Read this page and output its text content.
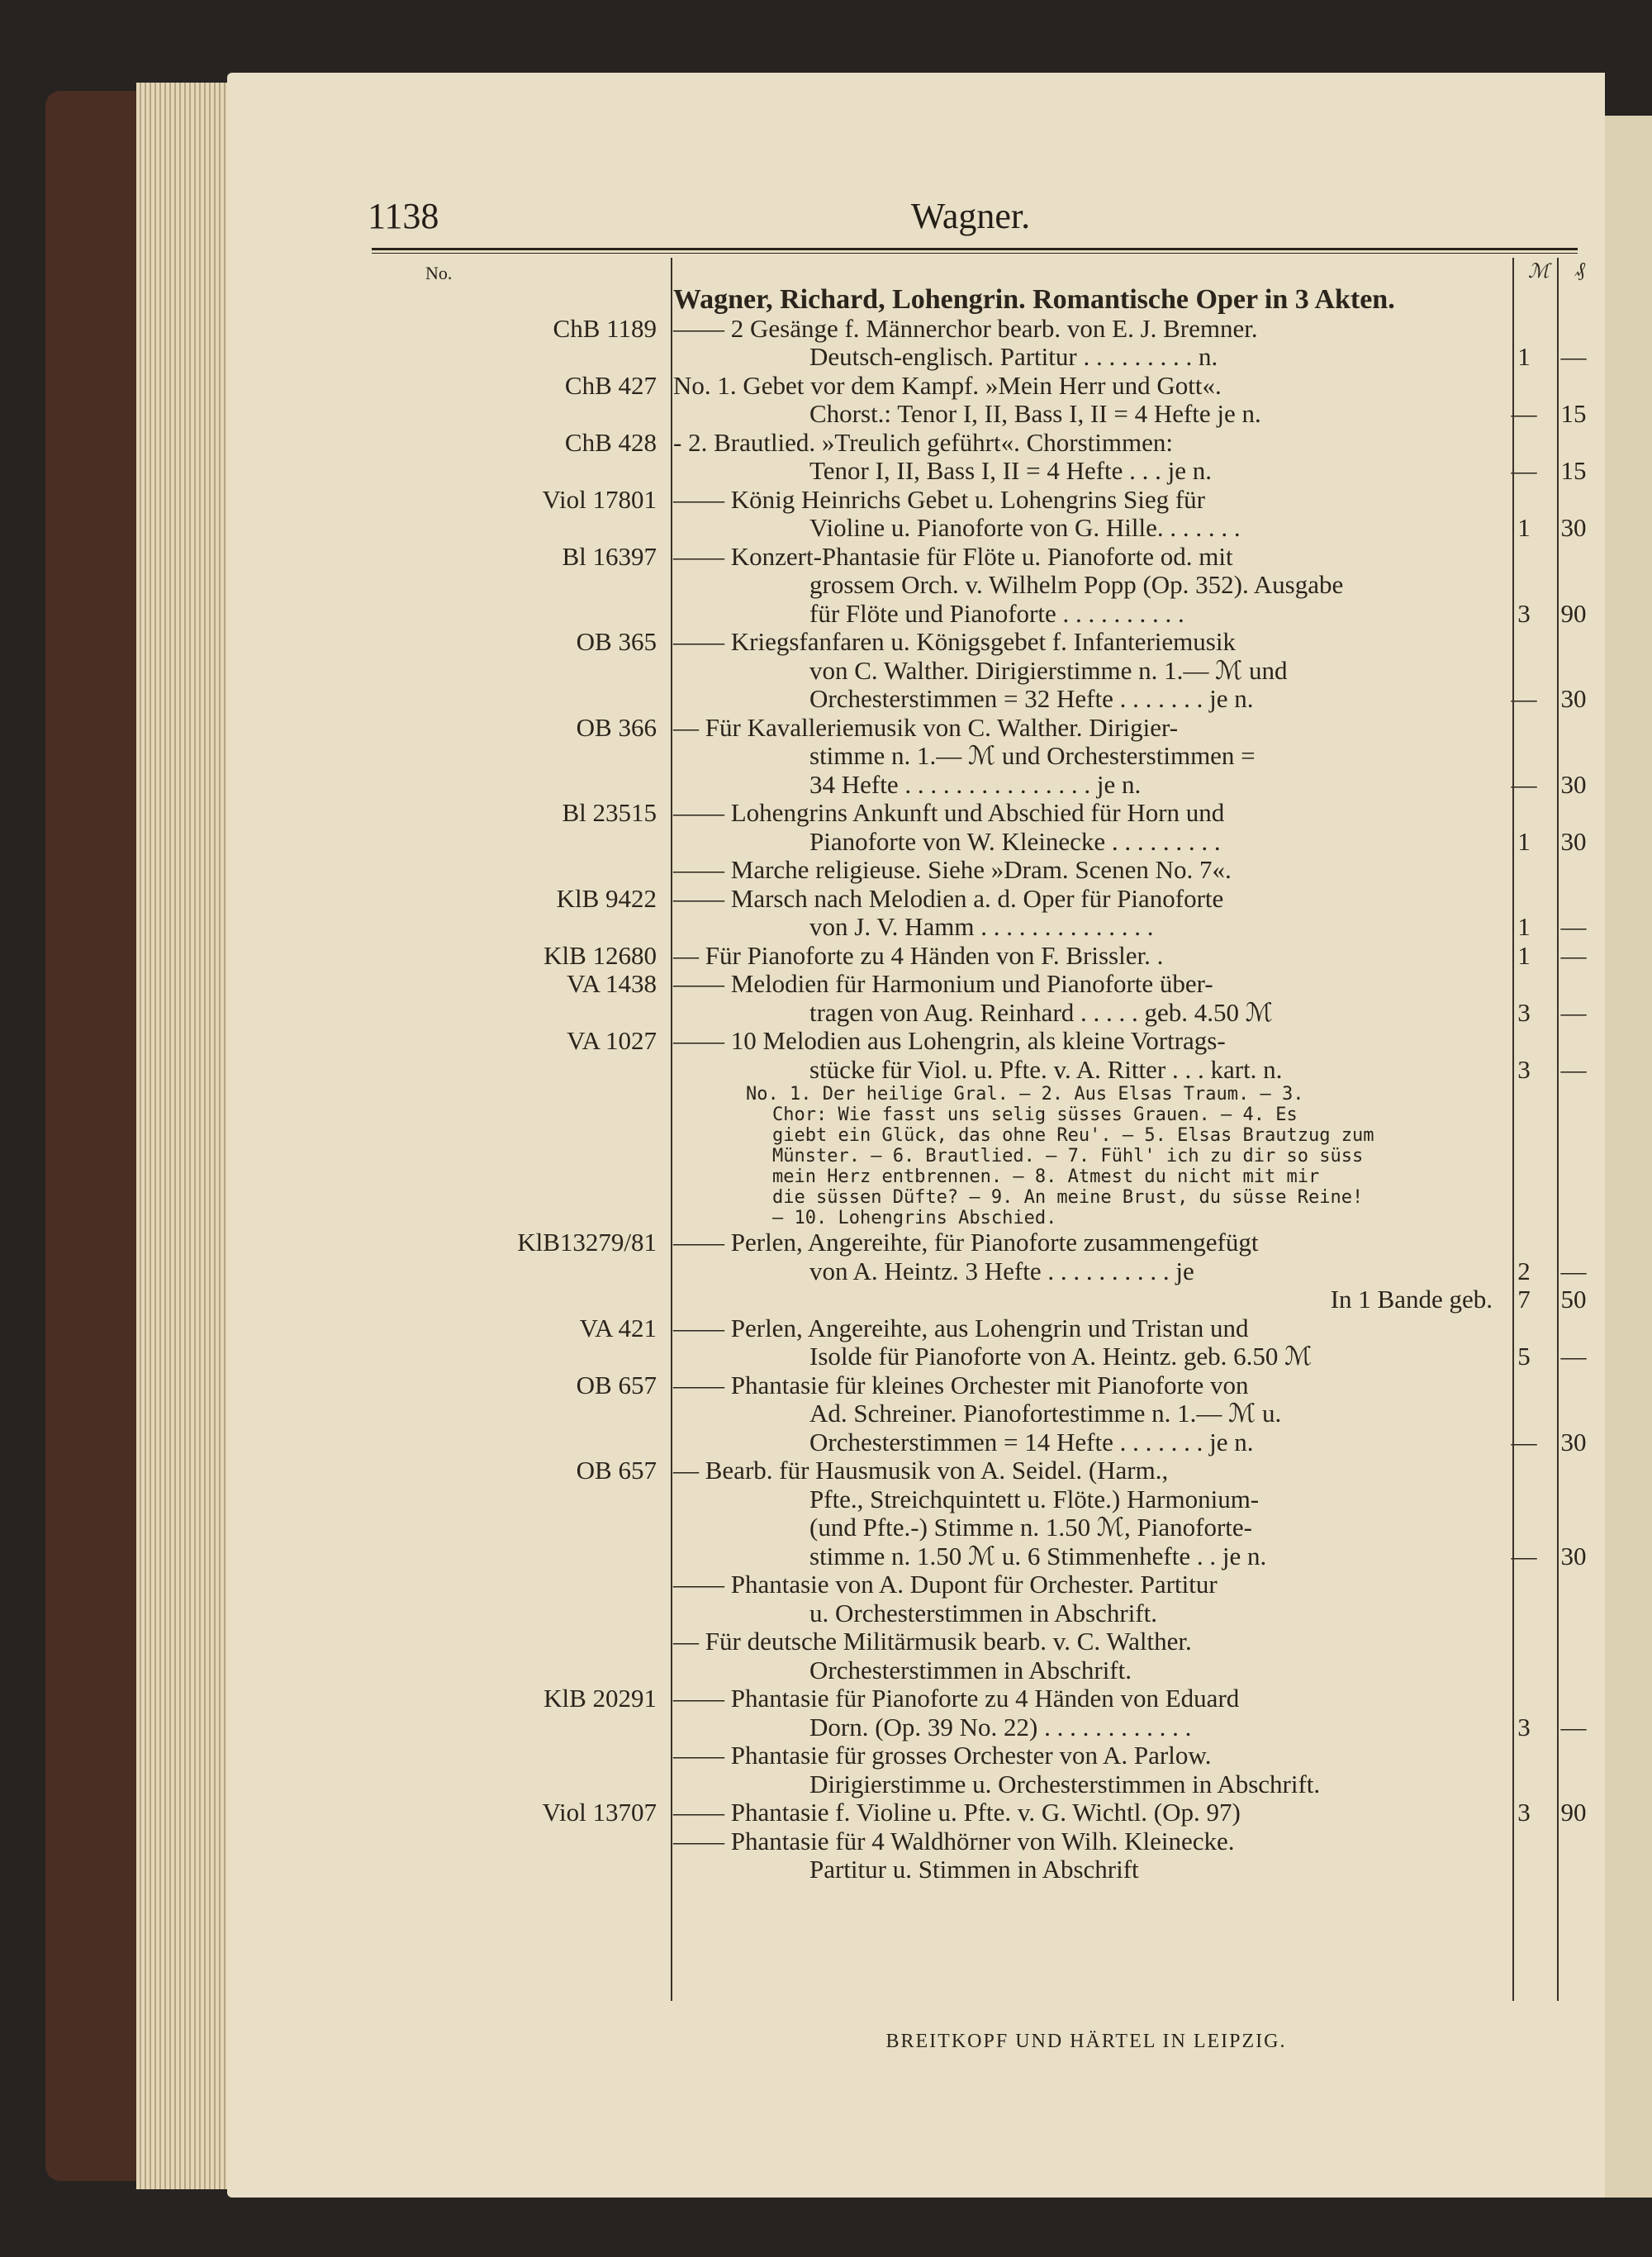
1138	Wagner.
No.	ℳ ₰
Wagner, Richard, Lohengrin. Romantische Oper in 3 Akten.
ChB 1189 —— 2 Gesänge f. Männerchor bearb. von E. J. Bremner.
Deutsch-englisch. Partitur . . . . . . . . . n.	1	—
ChB 427 No. 1. Gebet vor dem Kampf. »Mein Herr und Gott«.
Chorst.: Tenor I, II, Bass I, II = 4 Hefte je n.	— 15
ChB 428 - 2. Brautlied. »Treulich geführt«. Chorstimmen:
Tenor I, II, Bass I, II = 4 Hefte . . . je n.	— 15
Viol 17801 —— König Heinrichs Gebet u. Lohengrins Sieg für
Violine u. Pianoforte von G. Hille. . . . . . .	1	30
Bl 16397 —— Konzert-Phantasie für Flöte u. Pianoforte od. mit
grossem Orch. v. Wilhelm Popp (Op. 352). Ausgabe
für Flöte und Pianoforte . . . . . . . . . .	3	90
OB 365 —— Kriegsfanfaren u. Königsgebet f. Infanteriemusik
von C. Walther. Dirigierstimme n. 1.— ℳ und
Orchesterstimmen = 32 Hefte . . . . . . . je n.	— 30
OB 366 — Für Kavalleriemusik von C. Walther. Dirigier-
stimme n. 1.— ℳ und Orchesterstimmen =
34 Hefte . . . . . . . . . . . . . . . je n.	— 30
Bl 23515 —— Lohengrins Ankunft und Abschied für Horn und
Pianoforte von W. Kleinecke . . . . . . . . .	1	30
—— Marche religieuse. Siehe »Dram. Scenen No. 7«.
KlB 9422 —— Marsch nach Melodien a. d. Oper für Pianoforte
von J. V. Hamm . . . . . . . . . . . . . .	1	—
KlB 12680 — Für Pianoforte zu 4 Händen von F. Brissler. .	1	—
VA 1438 —— Melodien für Harmonium und Pianoforte über-
tragen von Aug. Reinhard . . . . . geb. 4.50 ℳ	3	—
VA 1027 —— 10 Melodien aus Lohengrin, als kleine Vortrags-
stücke für Viol. u. Pfte. v. A. Ritter . . . kart. n.	3	—
No. 1. Der heilige Gral. — 2. Aus Elsas Traum. — 3.
Chor: Wie fasst uns selig süsses Grauen. — 4. Es
giebt ein Glück, das ohne Reu'. — 5. Elsas Brautzug zum
Münster. — 6. Brautlied. — 7. Fühl' ich zu dir so süss
mein Herz entbrennen. — 8. Atmest du nicht mit mir
die süssen Düfte? — 9. An meine Brust, du süsse Reine!
— 10. Lohengrins Abschied.
KlB13279/81 —— Perlen, Angereihte, für Pianoforte zusammengefügt
von A. Heintz. 3 Hefte . . . . . . . . . . je	2	—
In 1 Bande geb. 7	50
VA 421 —— Perlen, Angereihte, aus Lohengrin und Tristan und
Isolde für Pianoforte von A. Heintz. geb. 6.50 ℳ	5	—
OB 657 —— Phantasie für kleines Orchester mit Pianoforte von
Ad. Schreiner. Pianofortestimme n. 1.— ℳ u.
Orchesterstimmen = 14 Hefte . . . . . . . je n.	— 30
OB 657 — Bearb. für Hausmusik von A. Seidel. (Harm.,
Pfte., Streichquintett u. Flöte.) Harmonium-
(und Pfte.-) Stimme n. 1.50 ℳ, Pianoforte-
stimme n. 1.50 ℳ u. 6 Stimmenhefte . . je n.	— 30
—— Phantasie von A. Dupont für Orchester. Partitur
u. Orchesterstimmen in Abschrift.
— Für deutsche Militärmusik bearb. v. C. Walther.
Orchesterstimmen in Abschrift.
KlB 20291 —— Phantasie für Pianoforte zu 4 Händen von Eduard
Dorn. (Op. 39 No. 22) . . . . . . . . . . . .	3	—
—— Phantasie für grosses Orchester von A. Parlow.
Dirigierstimme u. Orchesterstimmen in Abschrift.
Viol 13707 —— Phantasie f. Violine u. Pfte. v. G. Wichtl. (Op. 97)	3	90
—— Phantasie für 4 Waldhörner von Wilh. Kleinecke.
Partitur u. Stimmen in Abschrift
BREITKOPF UND HÄRTEL IN LEIPZIG.
